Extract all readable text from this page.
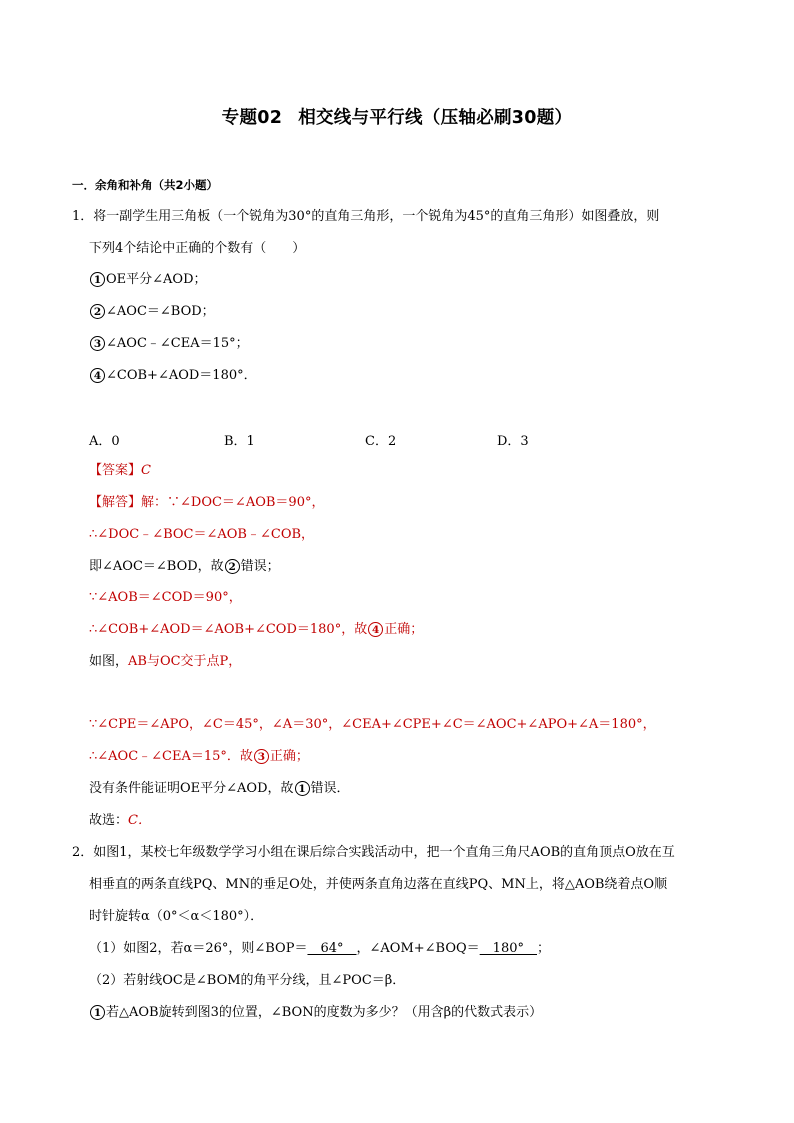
专题02 相交线与平行线（压轴必刷30题）
一．余角和补角（共2小题）
1．将一副学生用三角板（一个锐角为30°的直角三角形，一个锐角为45°的直角三角形）如图叠放，则
下列4个结论中正确的个数有（　　）
1 OE平分∠AOD；
2 ∠AOC＝∠BOD；
3 ∠AOC﹣∠CEA＝15°；
4 ∠COB+∠AOD＝180°．
A．0	B．1	C．2	D．3
【答案】C
【解答】解：∵∠DOC＝∠AOB＝90°，
∴∠DOC﹣∠BOC＝∠AOB﹣∠COB，
即∠AOC＝∠BOD，故 2 错误；
∵∠AOB＝∠COD＝90°，
∴∠COB+∠AOD＝∠AOB+∠COD＝180°，故 4 正确；
如图，AB与OC交于点P，
∵∠CPE＝∠APO，∠C＝45°，∠A＝30°，∠CEA+∠CPE+∠C＝∠AOC+∠APO+∠A＝180°，
∴∠AOC﹣∠CEA＝15°．故 3 正确；
没有条件能证明OE平分∠AOD，故 1 错误．
故选：C．
2．如图1，某校七年级数学学习小组在课后综合实践活动中，把一个直角三角尺AOB的直角顶点O放在互
相垂直的两条直线PQ、MN的垂足O处，并使两条直角边落在直线PQ、MN上，将△AOB绕着点O顺
时针旋转α（0°＜α＜180°）．
（1）如图2，若α＝26°，则∠BOP＝　64°　，∠AOM+∠BOQ＝　180°　；
（2）若射线OC是∠BOM的角平分线，且∠POC＝β．
1 若△AOB旋转到图3的位置，∠BON的度数为多少？（用含β的代数式表示）
